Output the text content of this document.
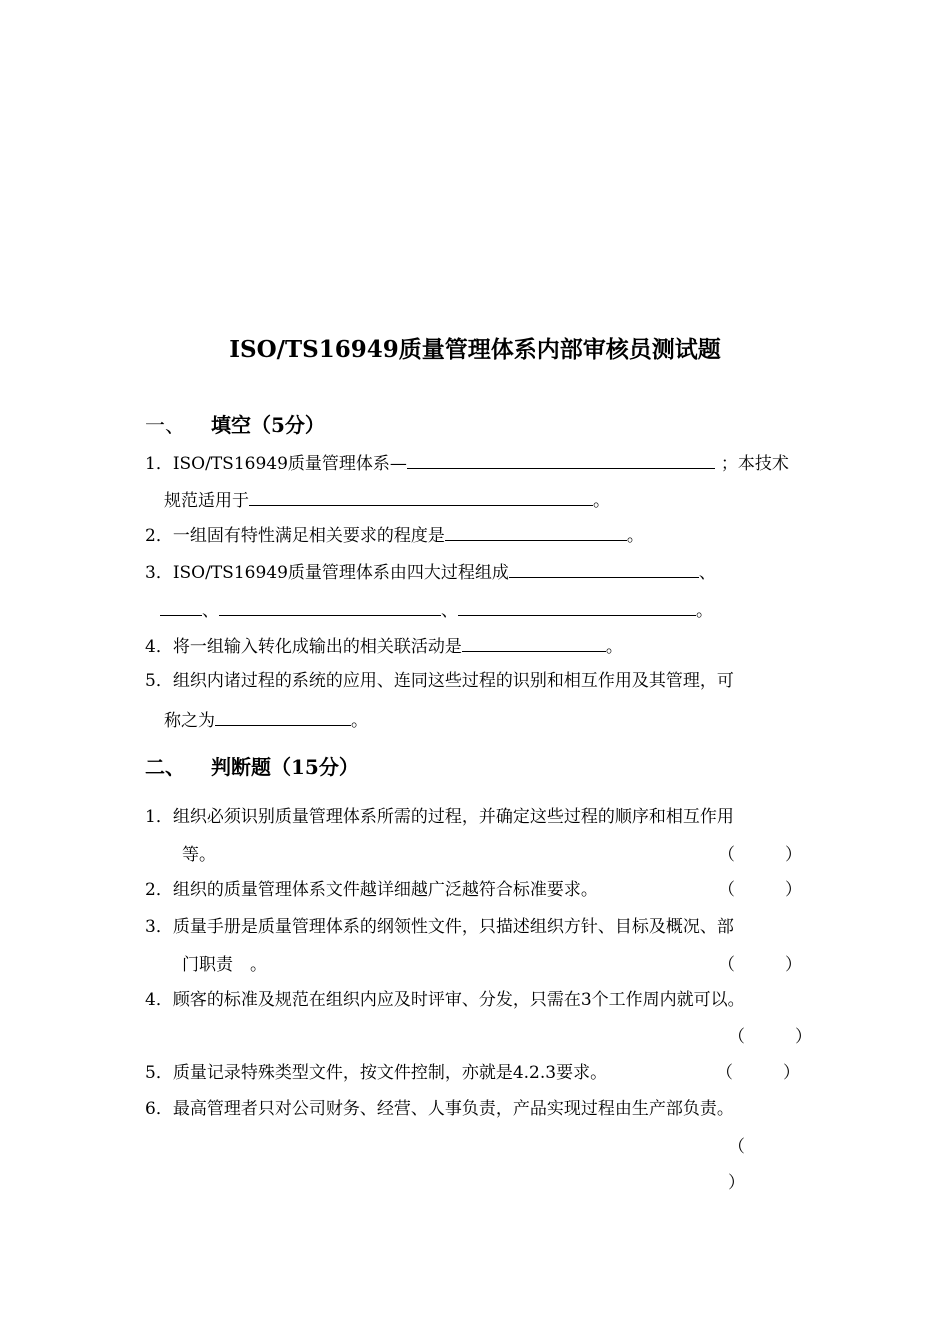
ISO/TS16949质量管理体系内部审核员测试题
一、 填空（5分）
1．ISO/TS16949质量管理体系—	；本技术
规范适用于	。
2．一组固有特性满足相关要求的程度是	。
3．ISO/TS16949质量管理体系由四大过程组成	、
、	、	。
4．将一组输入转化成输出的相关联活动是	。
5．组织内诸过程的系统的应用、连同这些过程的识别和相互作用及其管理，可
称之为	。
二、 判断题（15分）
1．组织必须识别质量管理体系所需的过程，并确定这些过程的顺序和相互作用
等。	（	）
2．组织的质量管理体系文件越详细越广泛越符合标准要求。	（	）
3．质量手册是质量管理体系的纲领性文件，只描述组织方针、目标及概况、部
门职责　。	（	）
4．顾客的标准及规范在组织内应及时评审、分发，只需在3个工作周内就可以。
（	）
5．质量记录特殊类型文件，按文件控制，亦就是4.2.3要求。	（	）
6．最高管理者只对公司财务、经营、人事负责，产品实现过程由生产部负责。
（
）
